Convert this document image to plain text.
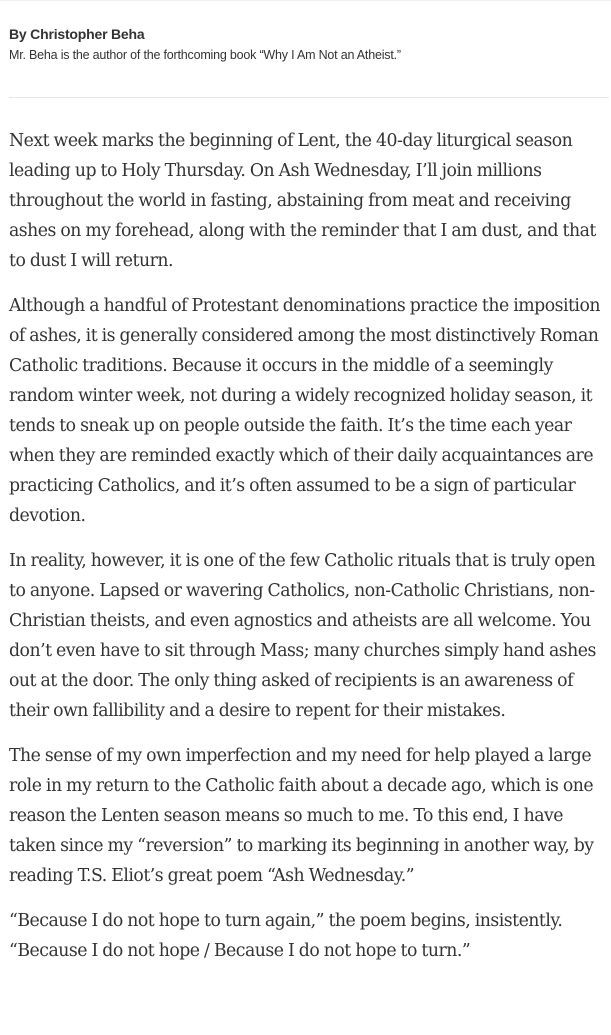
By Christopher Beha
Mr. Beha is the author of the forthcoming book “Why I Am Not an Atheist.”

Next week marks the beginning of Lent, the 40-day liturgical season leading up to Holy Thursday. On Ash Wednesday, I’ll join millions throughout the world in fasting, abstaining from meat and receiving ashes on my forehead, along with the reminder that I am dust, and that to dust I will return.

Although a handful of Protestant denominations practice the imposition of ashes, it is generally considered among the most distinctively Roman Catholic traditions. Because it occurs in the middle of a seemingly random winter week, not during a widely recognized holiday season, it tends to sneak up on people outside the faith. It’s the time each year when they are reminded exactly which of their daily acquaintances are practicing Catholics, and it’s often assumed to be a sign of particular devotion.

In reality, however, it is one of the few Catholic rituals that is truly open to anyone. Lapsed or wavering Catholics, non-Catholic Christians, non-Christian theists, and even agnostics and atheists are all welcome. You don’t even have to sit through Mass; many churches simply hand ashes out at the door. The only thing asked of recipients is an awareness of their own fallibility and a desire to repent for their mistakes.

The sense of my own imperfection and my need for help played a large role in my return to the Catholic faith about a decade ago, which is one reason the Lenten season means so much to me. To this end, I have taken since my “reversion” to marking its beginning in another way, by reading T.S. Eliot’s great poem “Ash Wednesday.”

“Because I do not hope to turn again,” the poem begins, insistently. “Because I do not hope / Because I do not hope to turn.”
